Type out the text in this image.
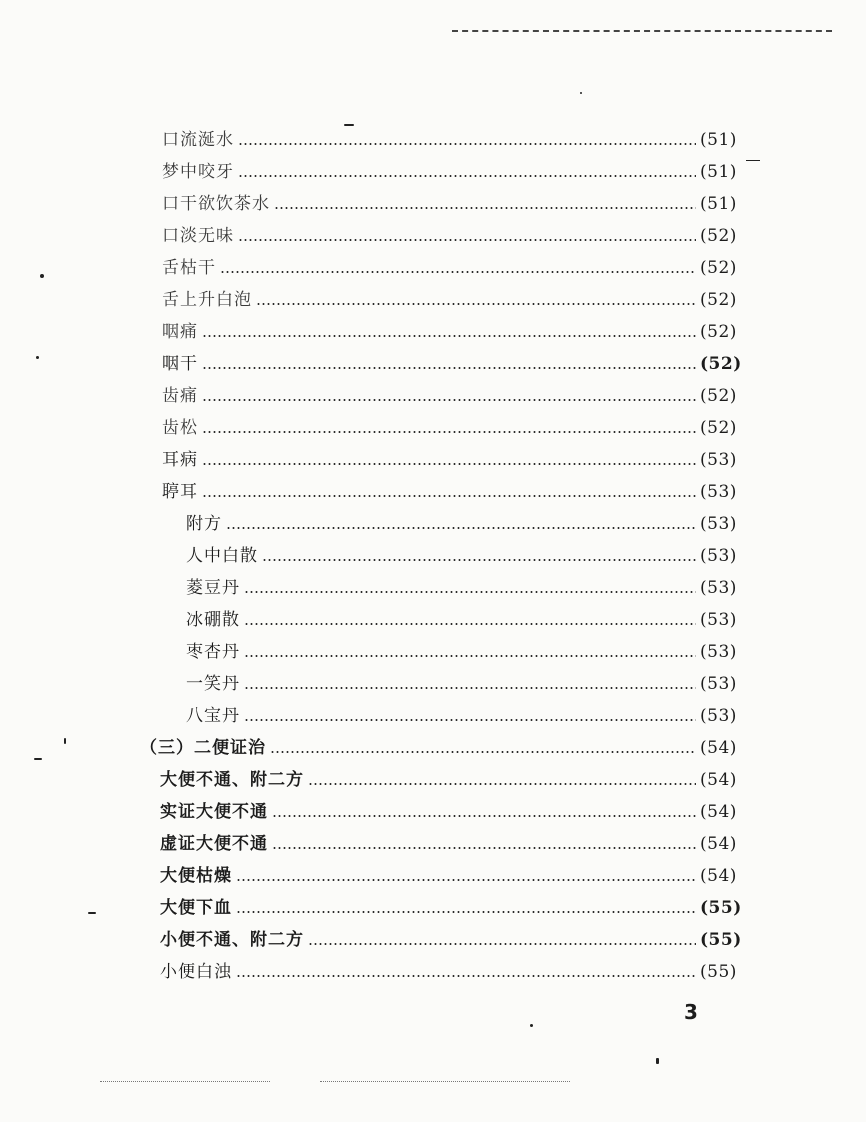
口流涎水	(51)
梦中咬牙	(51)
口干欲饮茶水	(51)
口淡无味	(52)
舌枯干	(52)
舌上升白泡	(52)
咽痛	(52)
咽干	(52)
齿痛	(52)
齿松	(52)
耳病	(53)
聤耳	(53)
附方	(53)
人中白散	(53)
菱豆丹	(53)
冰硼散	(53)
枣杏丹	(53)
一笑丹	(53)
八宝丹	(53)
（三）二便证治	(54)
大便不通、附二方	(54)
实证大便不通	(54)
虚证大便不通	(54)
大便枯燥	(54)
大便下血	(55)
小便不通、附二方	(55)
小便白浊	(55)
3
